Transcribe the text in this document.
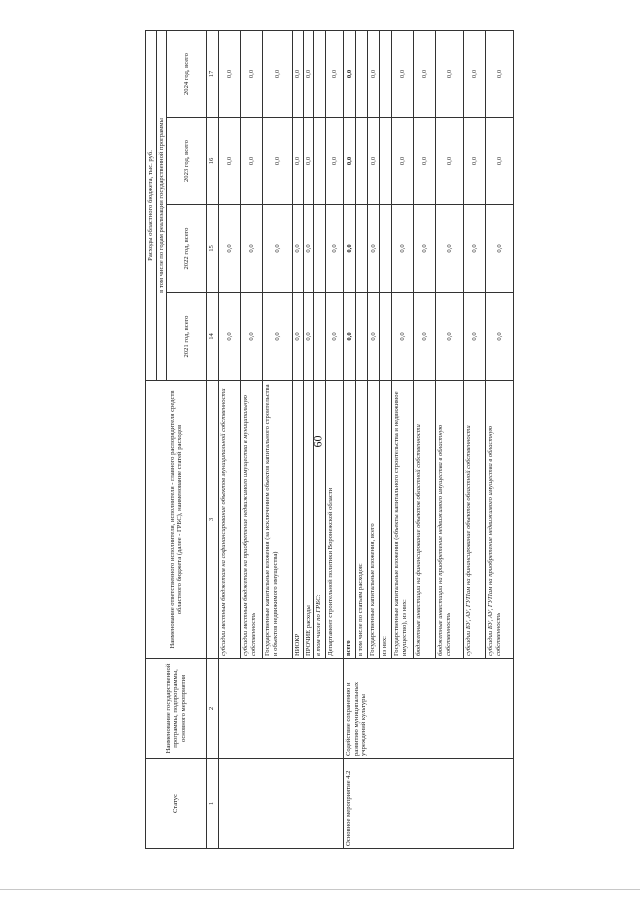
60
Статус	Наименование государственной программы, подпрограммы, основного мероприятия	Наименование ответственного исполнителя, исполнителя - главного распорядителя средств областного бюджета (далее - ГРБС), наименование статей расходов	Расходы областного бюджета, тыс. руб.			
			в том числе по годам реализации государственной программы			
			2021 год, всего	2022 год, всего	2023 год, всего	2024 год, всего
1	2	3	14	15	16	17
		субсидии местным бюджетам на софинансирование объектов муниципальной собственности	0,0	0,0	0,0	0,0
		субсидии местным бюджетам на приобретение недвижимого имущества в муниципальную собственность	0,0	0,0	0,0	0,0
		Государственные капитальные вложения (за исключением объектов капитального строительства и объектов недвижимого имущества)	0,0	0,0	0,0	0,0
		НИОКР	0,0	0,0	0,0	0,0
		ПРОЧИЕ расходы	0,0	0,0	0,0	0,0
		в том числе по ГРБС:				
		Департамент строительной политики Воронежской области	0,0	0,0	0,0	0,0
Основное мероприятие 4.2	Содействие сохранению и развитию муниципальных учреждений культуры	всего	0,0	0,0	0,0	0,0
		в том числе по статьям расходов:				
		Государственные капитальные вложения, всего	0,0	0,0	0,0	0,0
		из них:				
		Государственные капитальные вложения (объекты капитального строительства и недвижимое имущество), из них:	0,0	0,0	0,0	0,0
		бюджетные инвестиции на финансирование объектов областной собственности	0,0	0,0	0,0	0,0
		бюджетные инвестиции на приобретение недвижимого имущества в областную собственность	0,0	0,0	0,0	0,0
		субсидии БУ, АУ, ГУПам на финансирование объектов областной собственности	0,0	0,0	0,0	0,0
		субсидии БУ, АУ, ГУПам на приобретение недвижимого имущества в областную собственность	0,0	0,0	0,0	0,0
